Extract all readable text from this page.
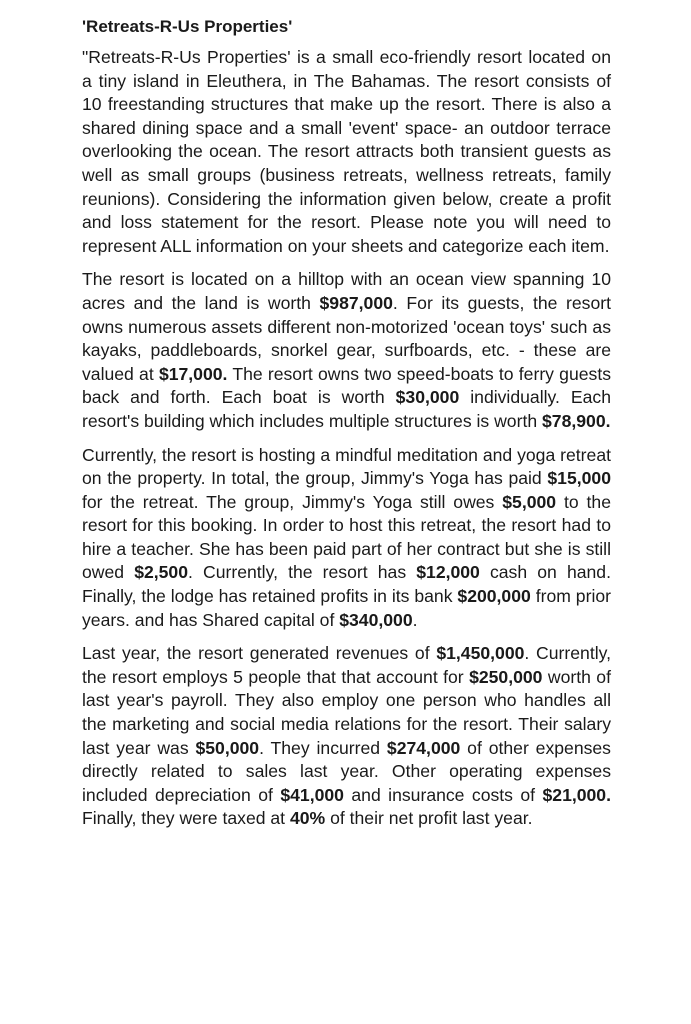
'Retreats-R-Us Properties'

"Retreats-R-Us Properties' is a small eco-friendly resort located on a tiny island in Eleuthera, in The Bahamas. The resort consists of 10 freestanding structures that make up the resort. There is also a shared dining space and a small 'event' space- an outdoor terrace overlooking the ocean. The resort attracts both transient guests as well as small groups (business retreats, wellness retreats, family reunions). Considering the information given below, create a profit and loss statement for the resort. Please note you will need to represent ALL information on your sheets and categorize each item.

The resort is located on a hilltop with an ocean view spanning 10 acres and the land is worth $987,000. For its guests, the resort owns numerous assets different non-motorized 'ocean toys' such as kayaks, paddleboards, snorkel gear, surfboards, etc. - these are valued at $17,000. The resort owns two speed-boats to ferry guests back and forth. Each boat is worth $30,000 individually. Each resort's building which includes multiple structures is worth $78,900.

Currently, the resort is hosting a mindful meditation and yoga retreat on the property. In total, the group, Jimmy's Yoga has paid $15,000 for the retreat. The group, Jimmy's Yoga still owes $5,000 to the resort for this booking. In order to host this retreat, the resort had to hire a teacher. She has been paid part of her contract but she is still owed $2,500. Currently, the resort has $12,000 cash on hand. Finally, the lodge has retained profits in its bank $200,000 from prior years. and has Shared capital of $340,000.

Last year, the resort generated revenues of $1,450,000. Currently, the resort employs 5 people that that account for $250,000 worth of last year's payroll. They also employ one person who handles all the marketing and social media relations for the resort. Their salary last year was $50,000. They incurred $274,000 of other expenses directly related to sales last year. Other operating expenses included depreciation of $41,000 and insurance costs of $21,000. Finally, they were taxed at 40% of their net profit last year.
